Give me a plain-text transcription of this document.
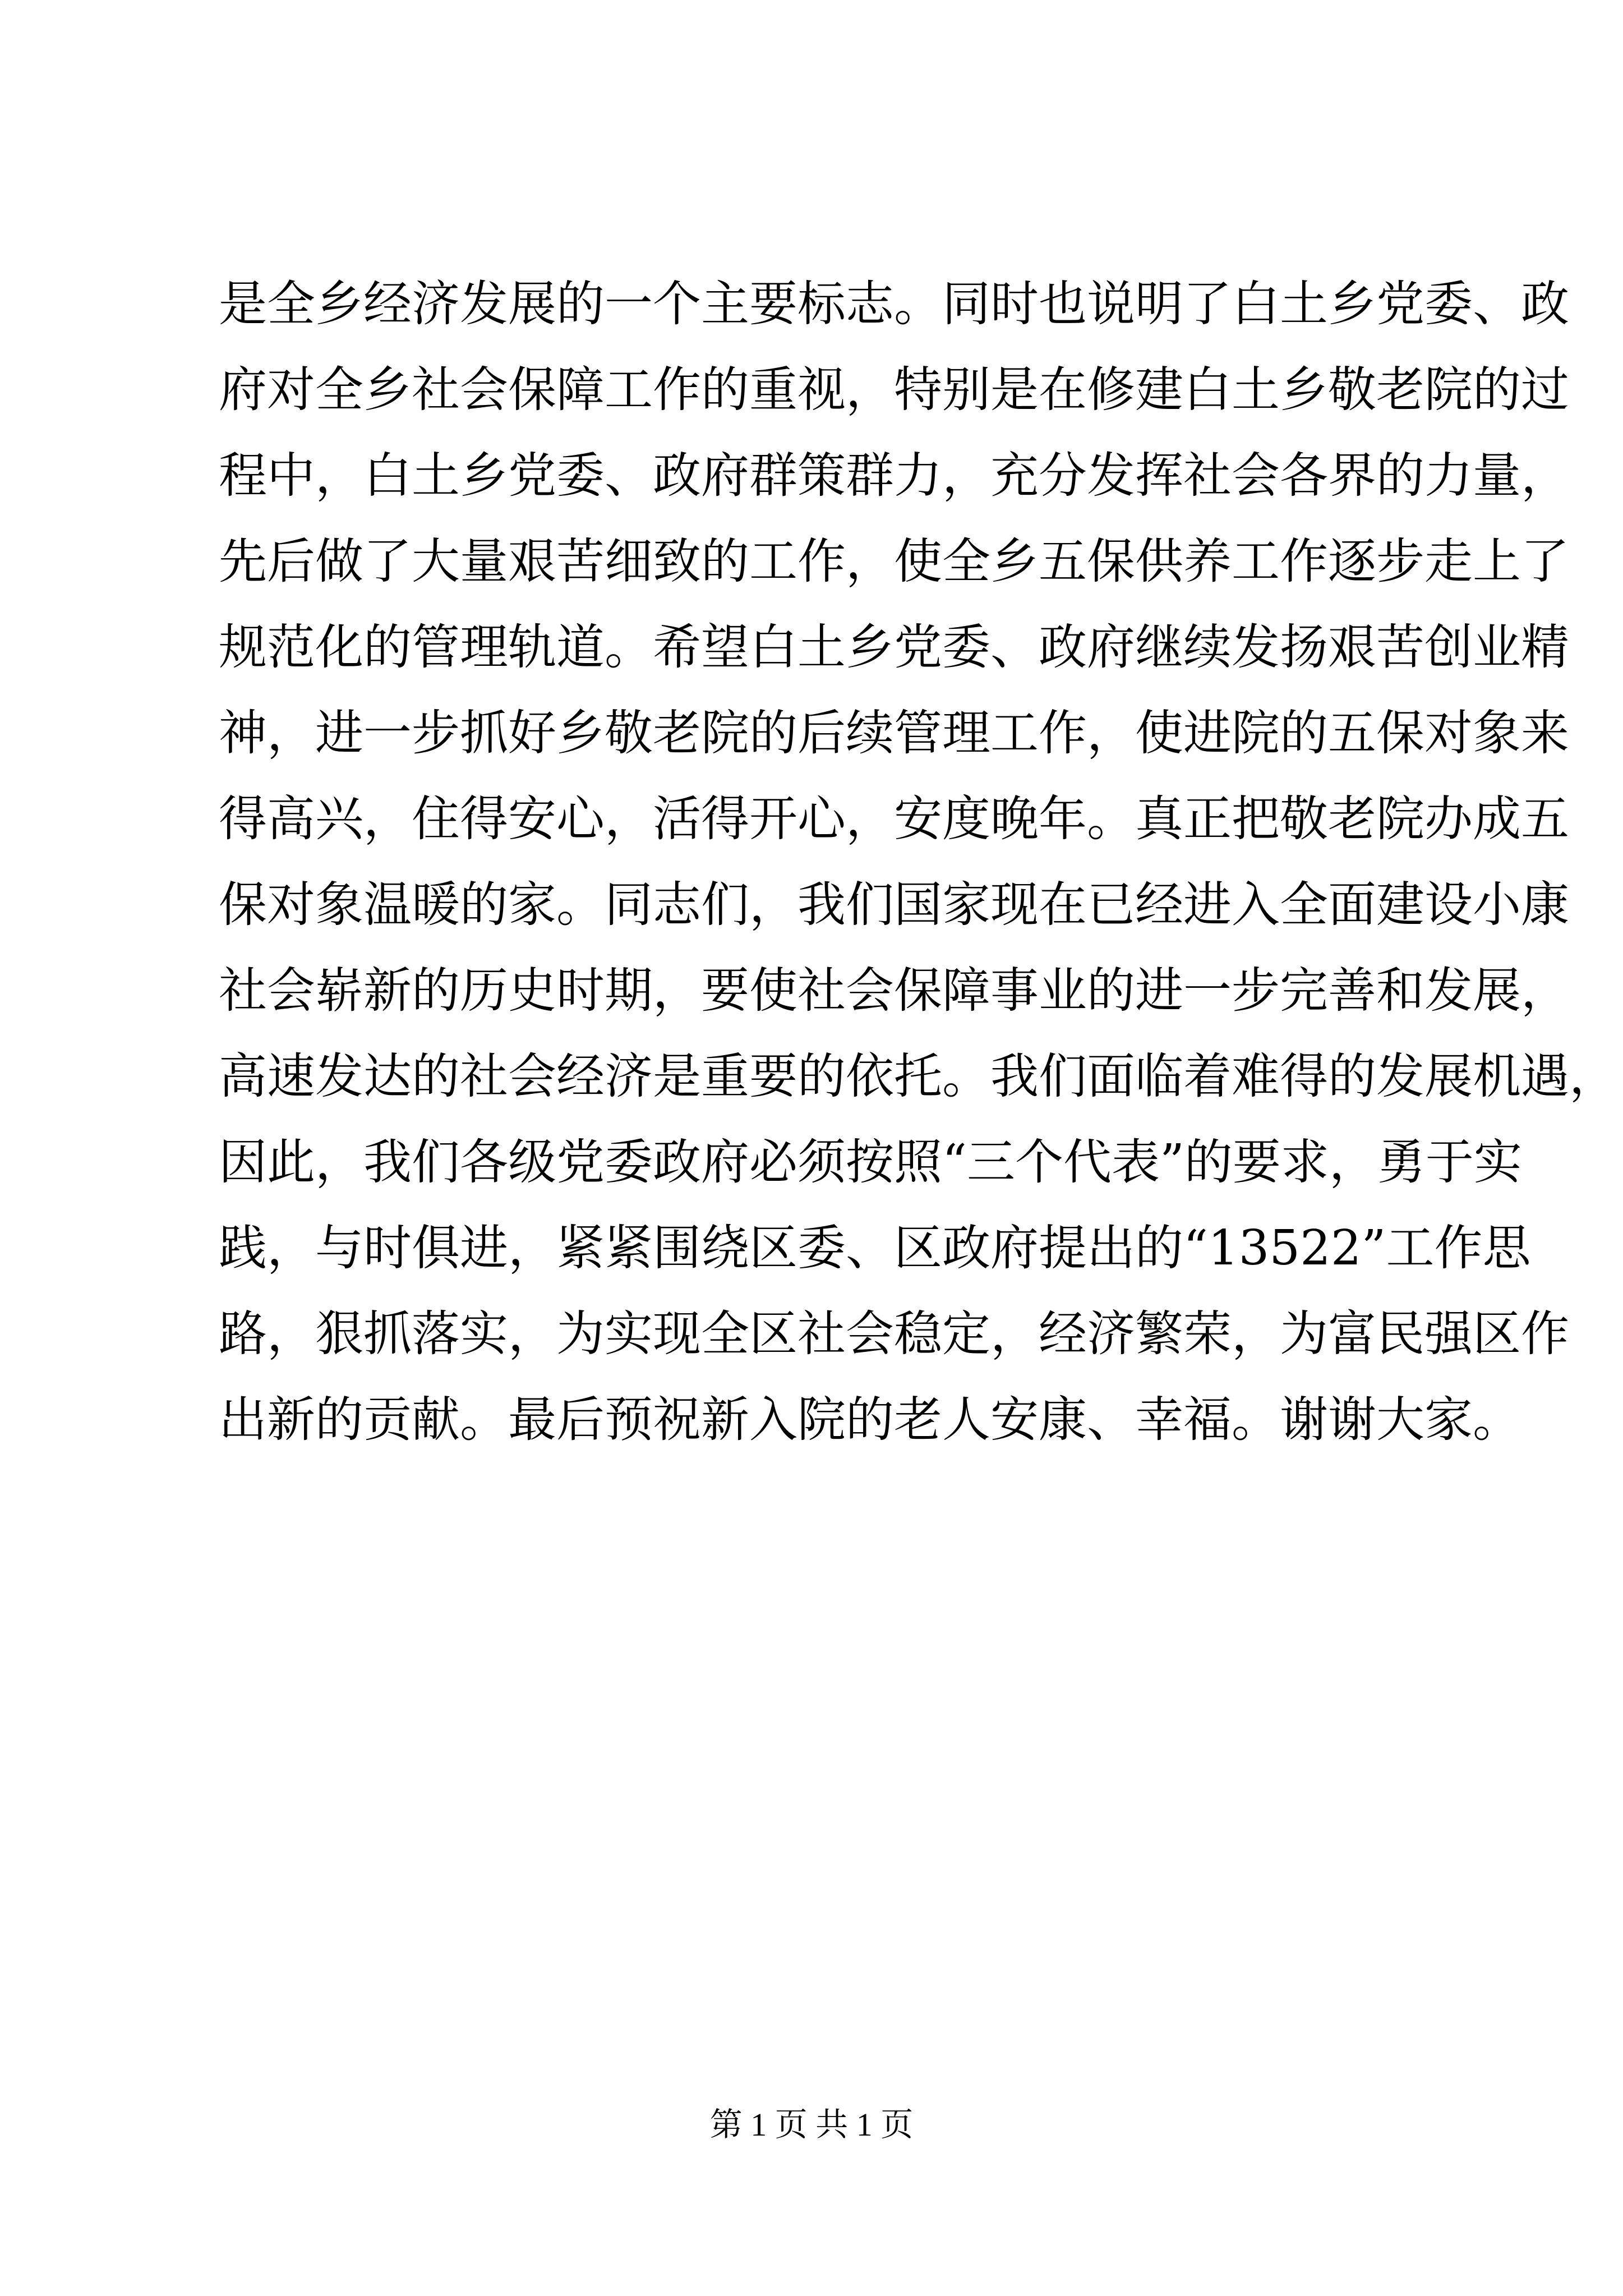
是全乡经济发展的一个主要标志。同时也说明了白土乡党委、政
府对全乡社会保障工作的重视，特别是在修建白土乡敬老院的过
程中，白土乡党委、政府群策群力，充分发挥社会各界的力量，
先后做了大量艰苦细致的工作，使全乡五保供养工作逐步走上了
规范化的管理轨道。希望白土乡党委、政府继续发扬艰苦创业精
神，进一步抓好乡敬老院的后续管理工作，使进院的五保对象来
得高兴，住得安心，活得开心，安度晚年。真正把敬老院办成五
保对象温暖的家。同志们，我们国家现在已经进入全面建设小康
社会崭新的历史时期，要使社会保障事业的进一步完善和发展，
高速发达的社会经济是重要的依托。我们面临着难得的发展机遇，
因此，我们各级党委政府必须按照“三个代表”的要求，勇于实
践，与时俱进，紧紧围绕区委、区政府提出的“13522”工作思
路，狠抓落实，为实现全区社会稳定，经济繁荣，为富民强区作
出新的贡献。最后预祝新入院的老人安康、幸福。谢谢大家。
第 1 页 共 1 页
